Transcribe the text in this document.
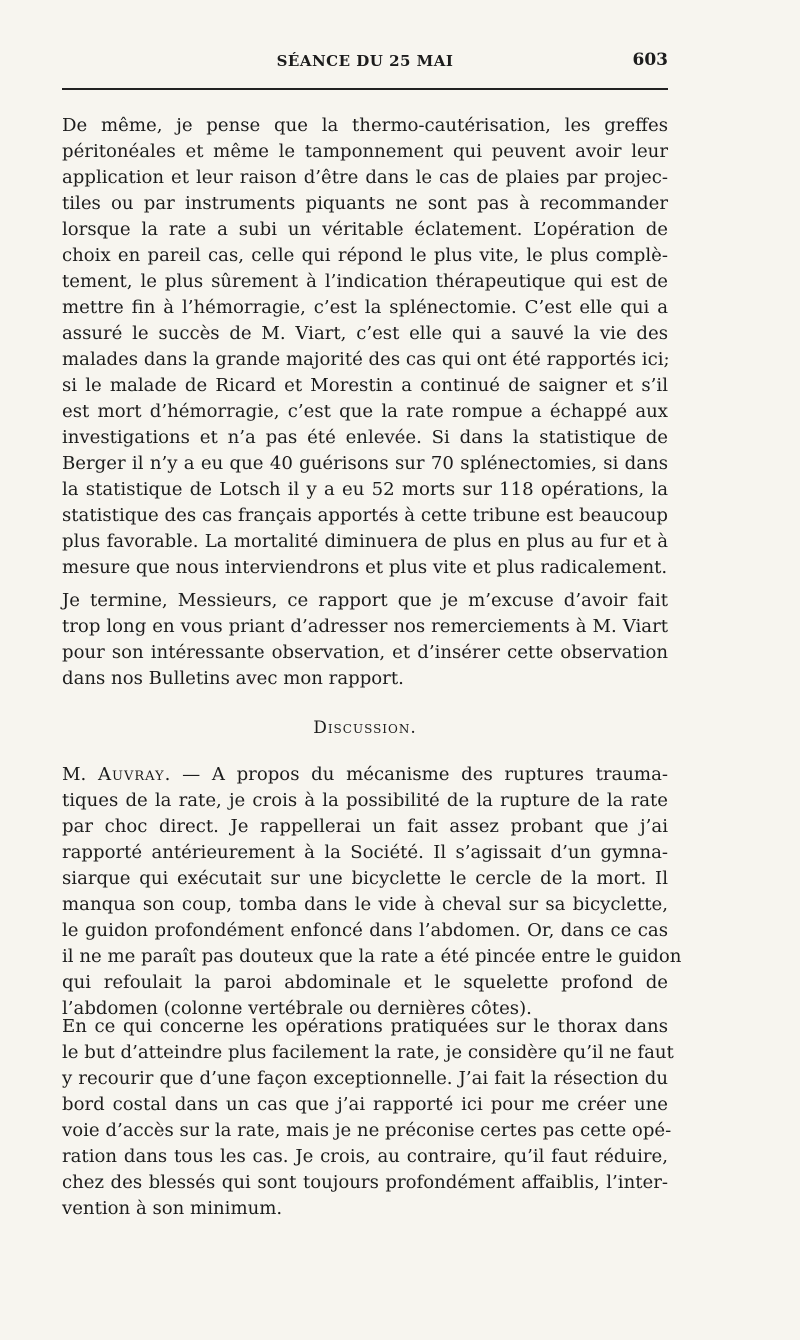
SÉANCE DU 25 MAI	603
De même, je pense que la thermo-cautérisation, les greffes
péritonéales et même le tamponnement qui peuvent avoir leur
application et leur raison d’être dans le cas de plaies par projec-
tiles ou par instruments piquants ne sont pas à recommander
lorsque la rate a subi un véritable éclatement. L’opération de
choix en pareil cas, celle qui répond le plus vite, le plus complè-
tement, le plus sûrement à l’indication thérapeutique qui est de
mettre fin à l’hémorragie, c’est la splénectomie. C’est elle qui a
assuré le succès de M. Viart, c’est elle qui a sauvé la vie des
malades dans la grande majorité des cas qui ont été rapportés ici;
si le malade de Ricard et Morestin a continué de saigner et s’il
est mort d’hémorragie, c’est que la rate rompue a échappé aux
investigations et n’a pas été enlevée. Si dans la statistique de
Berger il n’y a eu que 40 guérisons sur 70 splénectomies, si dans
la statistique de Lotsch il y a eu 52 morts sur 118 opérations, la
statistique des cas français apportés à cette tribune est beaucoup
plus favorable. La mortalité diminuera de plus en plus au fur et à
mesure que nous interviendrons et plus vite et plus radicalement.
Je termine, Messieurs, ce rapport que je m’excuse d’avoir fait
trop long en vous priant d’adresser nos remerciements à M. Viart
pour son intéressante observation, et d’insérer cette observation
dans nos Bulletins avec mon rapport.
Discussion.
M. Auvray. — A propos du mécanisme des ruptures trauma-
tiques de la rate, je crois à la possibilité de la rupture de la rate
par choc direct. Je rappellerai un fait assez probant que j’ai
rapporté antérieurement à la Société. Il s’agissait d’un gymna-
siarque qui exécutait sur une bicyclette le cercle de la mort. Il
manqua son coup, tomba dans le vide à cheval sur sa bicyclette,
le guidon profondément enfoncé dans l’abdomen. Or, dans ce cas
il ne me paraît pas douteux que la rate a été pincée entre le guidon
qui refoulait la paroi abdominale et le squelette profond de
l’abdomen (colonne vertébrale ou dernières côtes).
En ce qui concerne les opérations pratiquées sur le thorax dans
le but d’atteindre plus facilement la rate, je considère qu’il ne faut
y recourir que d’une façon exceptionnelle. J’ai fait la résection du
bord costal dans un cas que j’ai rapporté ici pour me créer une
voie d’accès sur la rate, mais je ne préconise certes pas cette opé-
ration dans tous les cas. Je crois, au contraire, qu’il faut réduire,
chez des blessés qui sont toujours profondément affaiblis, l’inter-
vention à son minimum.
